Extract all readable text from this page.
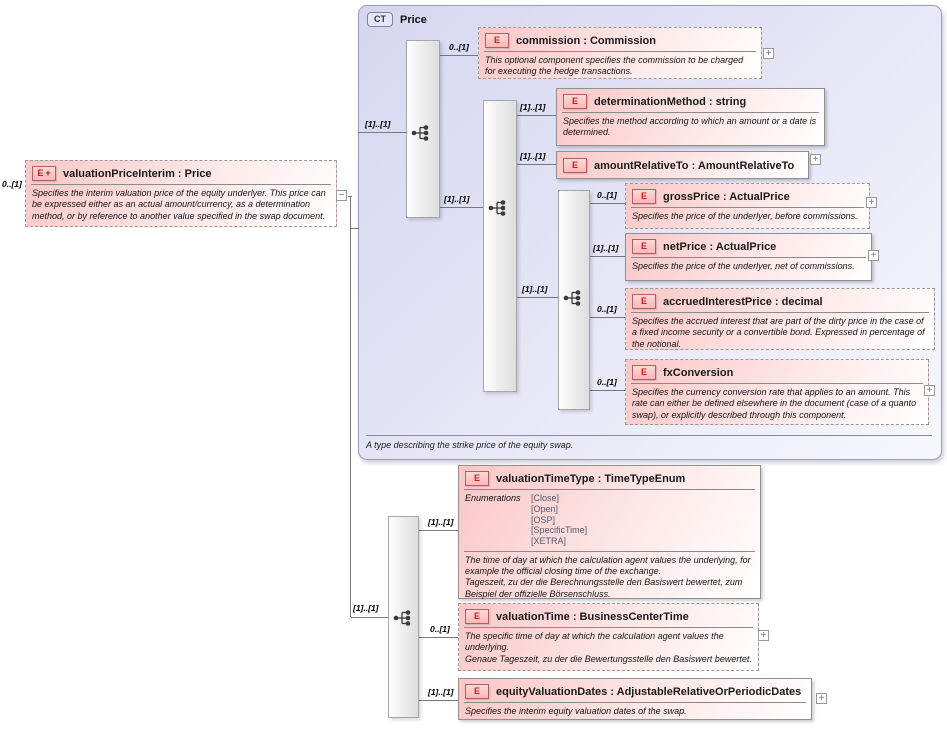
CT	Price
A type describing the strike price of the equity swap.
0..[1]
[1]..[1]
0..[1]
[1]..[1]
[1]..[1]
[1]..[1]
[1]..[1]
0..[1]
[1]..[1]
0..[1]
0..[1]
[1]..[1]
[1]..[1]
0..[1]
[1]..[1]
E +	valuationPriceInterim : Price
Specifies the interim valuation price of the equity underlyer. This price can be expressed either as an actual amount/currency, as a determination method, or by reference to another value specified in the swap document.
−
E	commission : Commission
This optional component specifies the commission to be charged for executing the hedge transactions.
+
E	determinationMethod : string
Specifies the method according to which an amount or a date is determined.
E	amountRelativeTo : AmountRelativeTo +
E	grossPrice : ActualPrice
Specifies the price of the underlyer, before commissions.
+
E	netPrice : ActualPrice
Specifies the price of the underlyer, net of commissions.
+
E	accruedInterestPrice : decimal
Specifies the accrued interest that are part of the dirty price in the case of a fixed income security or a convertible bond. Expressed in percentage of the notional.
E	fxConversion
Specifies the currency conversion rate that applies to an amount. This rate can either be defined elsewhere in the document (case of a quanto swap), or explicitly described through this component.
+
E	valuationTimeType : TimeTypeEnum
Enumerations	[Close]
[Open]
[OSP]
[SpecificTime]
[XETRA]
The time of day at which the calculation agent values the underlying, for example the official closing time of the exchange.
Tageszeit, zu der die Berechnungsstelle den Basiswert bewertet, zum Beispiel der offizielle Börsenschluss.
E	valuationTime : BusinessCenterTime
The specific time of day at which the calculation agent values the underlying.
Genaue Tageszeit, zu der die Bewertungsstelle den Basiswert bewertet.
+
E	equityValuationDates : AdjustableRelativeOrPeriodicDates
Specifies the interim equity valuation dates of the swap.
+
